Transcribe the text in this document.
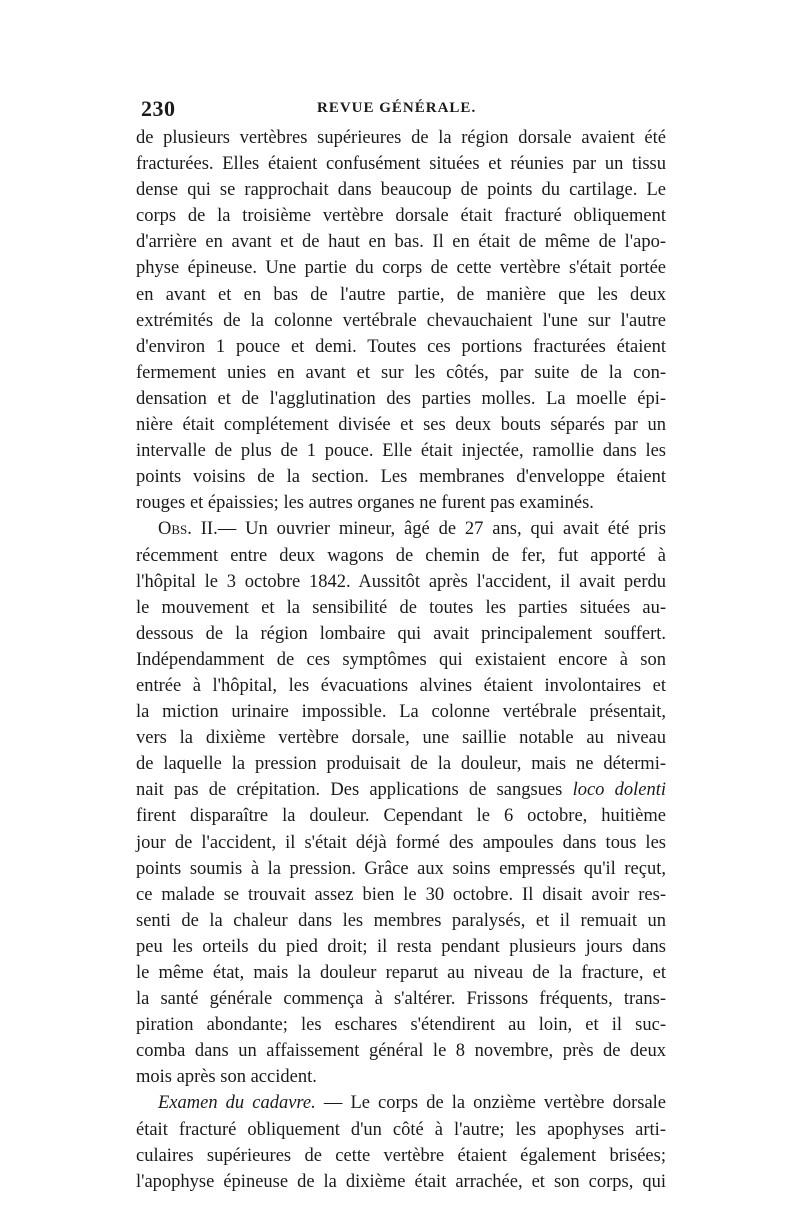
230	REVUE GÉNÉRALE.
de plusieurs vertèbres supérieures de la région dorsale avaient été
fracturées. Elles étaient confusément situées et réunies par un tissu
dense qui se rapprochait dans beaucoup de points du cartilage. Le
corps de la troisième vertèbre dorsale était fracturé obliquement
d'arrière en avant et de haut en bas. Il en était de même de l'apo-
physe épineuse. Une partie du corps de cette vertèbre s'était portée
en avant et en bas de l'autre partie, de manière que les deux
extrémités de la colonne vertébrale chevauchaient l'une sur l'autre
d'environ 1 pouce et demi. Toutes ces portions fracturées étaient
fermement unies en avant et sur les côtés, par suite de la con-
densation et de l'agglutination des parties molles. La moelle épi-
nière était complétement divisée et ses deux bouts séparés par un
intervalle de plus de 1 pouce. Elle était injectée, ramollie dans les
points voisins de la section. Les membranes d'enveloppe étaient
rouges et épaissies; les autres organes ne furent pas examinés.
Obs. II.— Un ouvrier mineur, âgé de 27 ans, qui avait été pris
récemment entre deux wagons de chemin de fer, fut apporté à
l'hôpital le 3 octobre 1842. Aussitôt après l'accident, il avait perdu
le mouvement et la sensibilité de toutes les parties situées au-
dessous de la région lombaire qui avait principalement souffert.
Indépendamment de ces symptômes qui existaient encore à son
entrée à l'hôpital, les évacuations alvines étaient involontaires et
la miction urinaire impossible. La colonne vertébrale présentait,
vers la dixième vertèbre dorsale, une saillie notable au niveau
de laquelle la pression produisait de la douleur, mais ne détermi-
nait pas de crépitation. Des applications de sangsues loco dolenti
firent disparaître la douleur. Cependant le 6 octobre, huitième
jour de l'accident, il s'était déjà formé des ampoules dans tous les
points soumis à la pression. Grâce aux soins empressés qu'il reçut,
ce malade se trouvait assez bien le 30 octobre. Il disait avoir res-
senti de la chaleur dans les membres paralysés, et il remuait un
peu les orteils du pied droit; il resta pendant plusieurs jours dans
le même état, mais la douleur reparut au niveau de la fracture, et
la santé générale commença à s'altérer. Frissons fréquents, trans-
piration abondante; les eschares s'étendirent au loin, et il suc-
comba dans un affaissement général le 8 novembre, près de deux
mois après son accident.
Examen du cadavre. — Le corps de la onzième vertèbre dorsale
était fracturé obliquement d'un côté à l'autre; les apophyses arti-
culaires supérieures de cette vertèbre étaient également brisées;
l'apophyse épineuse de la dixième était arrachée, et son corps, qui
